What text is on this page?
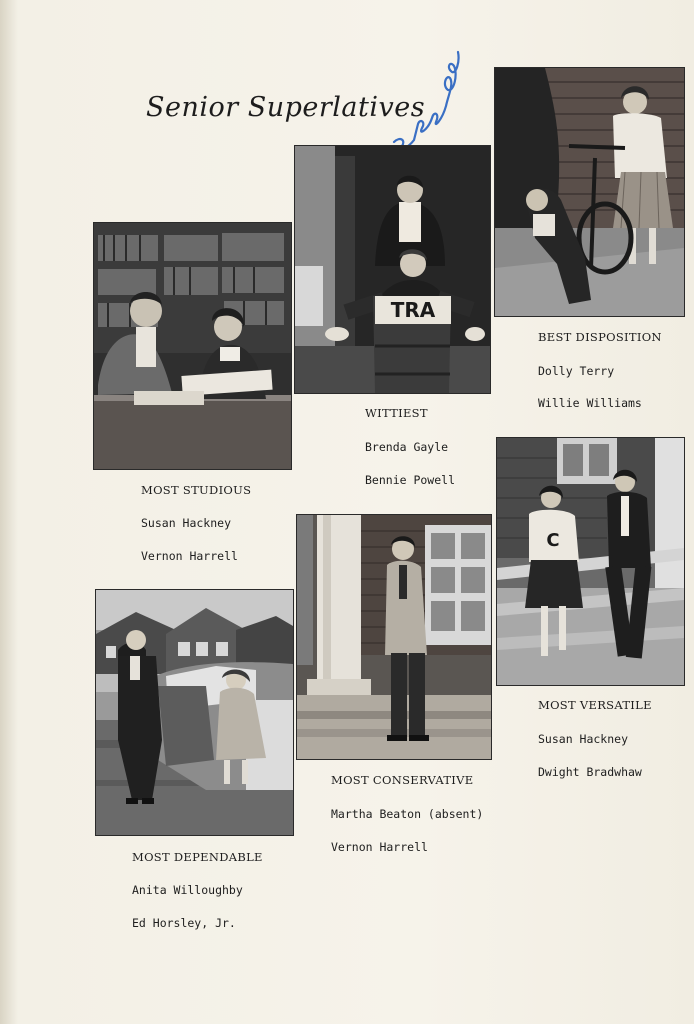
Senior Superlatives
TRA
C

MOST STUDIOUS

Susan Hackney

Vernon Harrell

WITTIEST

Brenda Gayle

Bennie Powell

BEST DISPOSITION

Dolly Terry

Willie Williams

MOST DEPENDABLE

Anita Willoughby

Ed Horsley, Jr.

MOST CONSERVATIVE

Martha Beaton (absent)

Vernon Harrell

MOST VERSATILE

Susan Hackney

Dwight Bradwhaw
